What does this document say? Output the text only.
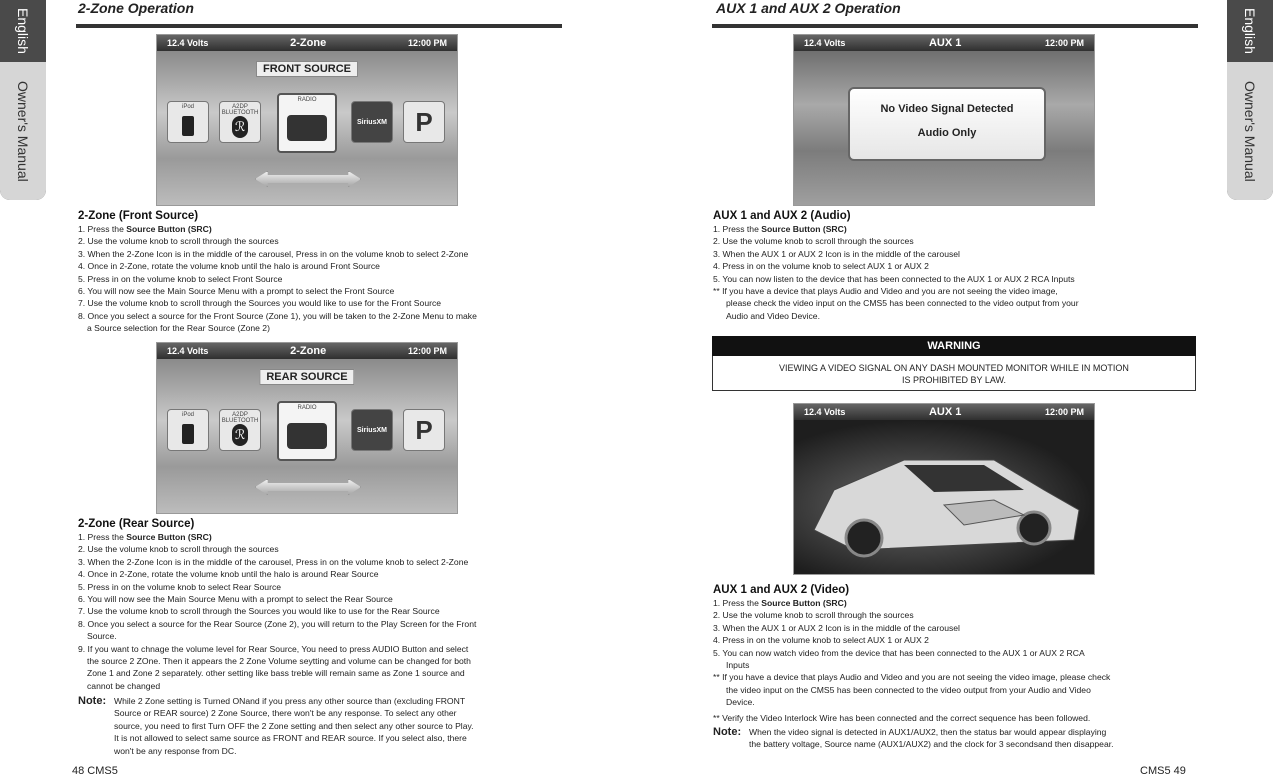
English
Owner's Manual
English
Owner's Manual
2-Zone Operation
12.4 Volts	2-Zone	12:00 PM
FRONT SOURCE
iPod	A2DP BLUETOOTH
ℛ
RADIO
SiriusXM P
2-Zone (Front Source)
1. Press the Source Button (SRC)
2. Use the volume knob to scroll through the sources
3. When the 2-Zone Icon is in the middle of the carousel, Press in on the volume knob to select 2-Zone
4. Once in 2-Zone, rotate the volume knob until the halo is around Front Source
5. Press in on the volume knob to select Front Source
6. You will now see the Main Source Menu with a prompt to select the Front Source
7. Use the volume knob to scroll through the Sources you would like to use for the Front Source
8. Once you select a source for the Front Source (Zone 1), you will be taken to the 2-Zone Menu to make
a Source selection for the Rear Source (Zone 2)
12.4 Volts	2-Zone	12:00 PM
REAR SOURCE
iPod	A2DP BLUETOOTH
ℛ
RADIO
SiriusXM P
2-Zone (Rear Source)
1. Press the Source Button (SRC)
2. Use the volume knob to scroll through the sources
3. When the 2-Zone Icon is in the middle of the carousel, Press in on the volume knob to select 2-Zone
4. Once in 2-Zone, rotate the volume knob until the halo is around Rear Source
5. Press in on the volume knob to select Rear Source
6. You will now see the Main Source Menu with a prompt to select the Rear Source
7. Use the volume knob to scroll through the Sources you would like to use for the Rear Source
8. Once you select a source for the Rear Source (Zone 2), you will return to the Play Screen for the Front
Source.
9. If you want to chnage the volume level for Rear Source, You need to press AUDIO Button and select
the source 2 ZOne. Then it appears the 2 Zone Volume seytting and volume can be changed for both
Zone 1 and Zone 2 separately. other setting like bass treble will remain same as Zone 1 source and
cannot be changed
Note: While 2 Zone setting is Turned ONand if you press any other source than (excluding FRONT
Source or REAR source) 2 Zone Source, there won't be any response. To select any other
source, you need to first Turn OFF the 2 Zone setting and then select any other source to Play.
It is not allowed to select same source as FRONT and REAR source. If you select also, there
won't be any response from DC.
48 CMS5
AUX 1 and AUX 2 Operation
12.4 Volts	AUX 1	12:00 PM
No Video Signal Detected
Audio Only
AUX 1 and AUX 2 (Audio)
1. Press the Source Button (SRC)
2. Use the volume knob to scroll through the sources
3. When the AUX 1 or AUX 2 Icon is in the middle of the carousel
4. Press in on the volume knob to select AUX 1 or AUX 2
5. You can now listen to the device that has been connected to the AUX 1 or AUX 2 RCA Inputs
** If you have a device that plays Audio and Video and you are not seeing the video image,
please check the video input on the CMS5 has been connected to the video output from your
Audio and Video Device.
WARNING
VIEWING A VIDEO SIGNAL ON ANY DASH MOUNTED MONITOR WHILE IN MOTION
IS PROHIBITED BY LAW.
12.4 Volts	AUX 1	12:00 PM
AUX 1 and AUX 2 (Video)
1. Press the Source Button (SRC)
2. Use the volume knob to scroll through the sources
3. When the AUX 1 or AUX 2 Icon is in the middle of the carousel
4. Press in on the volume knob to select AUX 1 or AUX 2
5. You can now watch video from the device that has been connected to the AUX 1 or AUX 2 RCA
Inputs
** If you have a device that plays Audio and Video and you are not seeing the video image, please check
the video input on the CMS5 has been connected to the video output from your Audio and Video
Device.
** Verify the Video Interlock Wire has been connected and the correct sequence has been followed.
Note: When the video signal is detected in AUX1/AUX2, then the status bar would appear displaying
the battery voltage, Source name (AUX1/AUX2) and the clock for 3 secondsand then disappear.
CMS5 49
